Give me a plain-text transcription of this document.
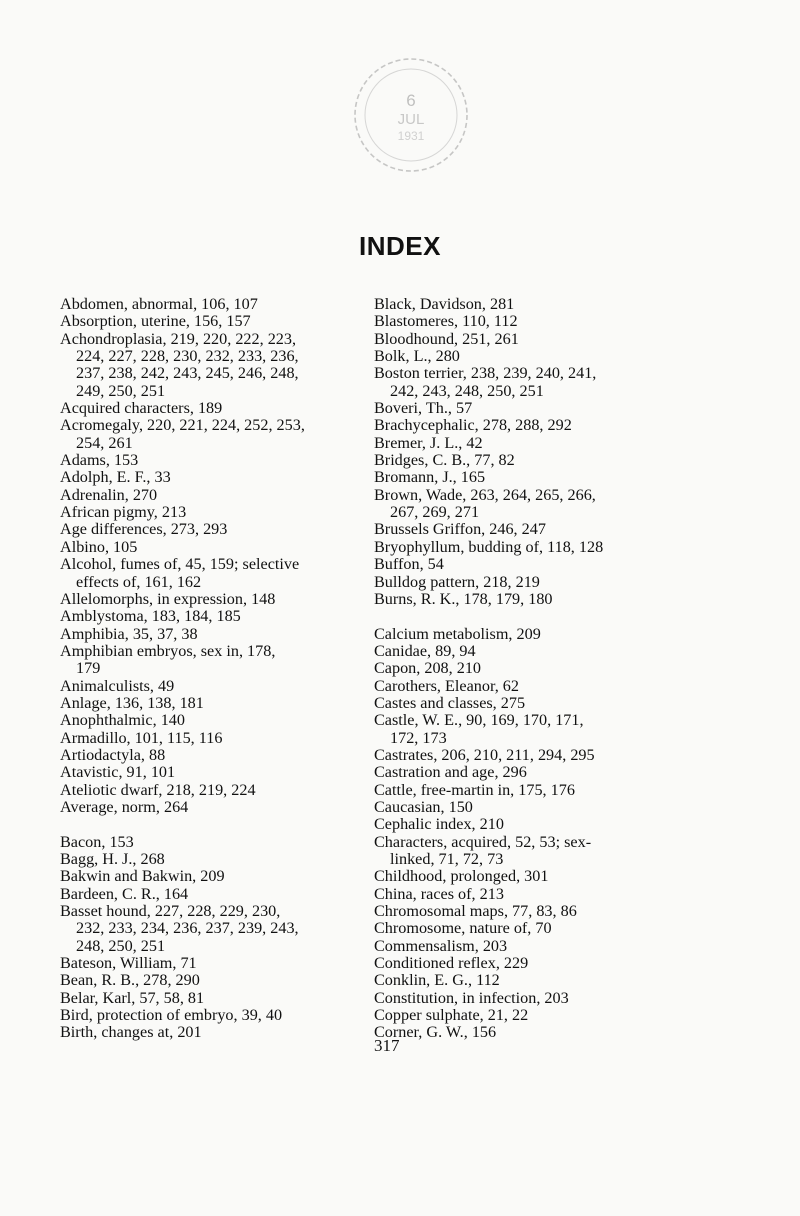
6
JUL
1931
INDEX
Abdomen, abnormal, 106, 107
Absorption, uterine, 156, 157
Achondroplasia, 219, 220, 222, 223,
224, 227, 228, 230, 232, 233, 236,
237, 238, 242, 243, 245, 246, 248,
249, 250, 251
Acquired characters, 189
Acromegaly, 220, 221, 224, 252, 253,
254, 261
Adams, 153
Adolph, E. F., 33
Adrenalin, 270
African pigmy, 213
Age differences, 273, 293
Albino, 105
Alcohol, fumes of, 45, 159; selective
effects of, 161, 162
Allelomorphs, in expression, 148
Amblystoma, 183, 184, 185
Amphibia, 35, 37, 38
Amphibian embryos, sex in, 178,
179
Animalculists, 49
Anlage, 136, 138, 181
Anophthalmic, 140
Armadillo, 101, 115, 116
Artiodactyla, 88
Atavistic, 91, 101
Ateliotic dwarf, 218, 219, 224
Average, norm, 264
Bacon, 153
Bagg, H. J., 268
Bakwin and Bakwin, 209
Bardeen, C. R., 164
Basset hound, 227, 228, 229, 230,
232, 233, 234, 236, 237, 239, 243,
248, 250, 251
Bateson, William, 71
Bean, R. B., 278, 290
Belar, Karl, 57, 58, 81
Bird, protection of embryo, 39, 40
Birth, changes at, 201
Black, Davidson, 281
Blastomeres, 110, 112
Bloodhound, 251, 261
Bolk, L., 280
Boston terrier, 238, 239, 240, 241,
242, 243, 248, 250, 251
Boveri, Th., 57
Brachycephalic, 278, 288, 292
Bremer, J. L., 42
Bridges, C. B., 77, 82
Bromann, J., 165
Brown, Wade, 263, 264, 265, 266,
267, 269, 271
Brussels Griffon, 246, 247
Bryophyllum, budding of, 118, 128
Buffon, 54
Bulldog pattern, 218, 219
Burns, R. K., 178, 179, 180
Calcium metabolism, 209
Canidae, 89, 94
Capon, 208, 210
Carothers, Eleanor, 62
Castes and classes, 275
Castle, W. E., 90, 169, 170, 171,
172, 173
Castrates, 206, 210, 211, 294, 295
Castration and age, 296
Cattle, free-martin in, 175, 176
Caucasian, 150
Cephalic index, 210
Characters, acquired, 52, 53; sex-
linked, 71, 72, 73
Childhood, prolonged, 301
China, races of, 213
Chromosomal maps, 77, 83, 86
Chromosome, nature of, 70
Commensalism, 203
Conditioned reflex, 229
Conklin, E. G., 112
Constitution, in infection, 203
Copper sulphate, 21, 22
Corner, G. W., 156
317
